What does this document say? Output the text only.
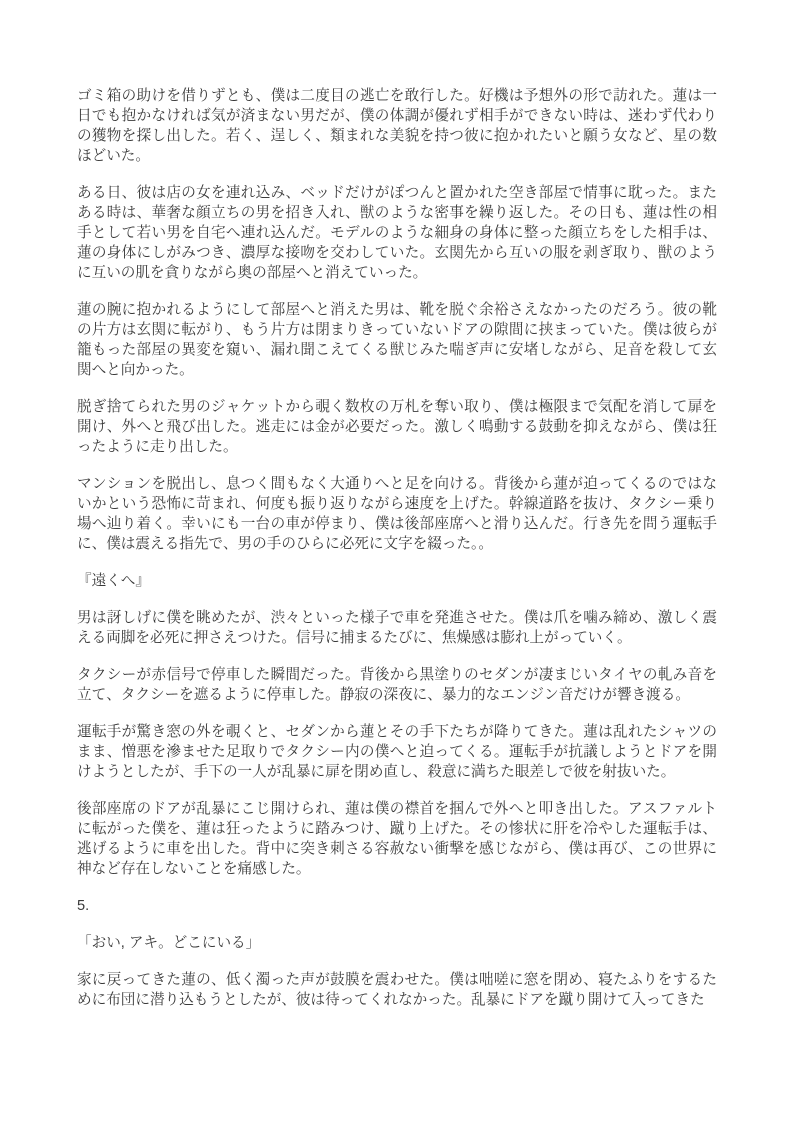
ゴミ箱の助けを借りずとも、僕は二度目の逃亡を敢行した。好機は予想外の形で訪れた。蓮は一日でも抱かなければ気が済まない男だが、僕の体調が優れず相手ができない時は、迷わず代わりの獲物を探し出した。若く、逞しく、類まれな美貌を持つ彼に抱かれたいと願う女など、星の数ほどいた。

ある日、彼は店の女を連れ込み、ベッドだけがぽつんと置かれた空き部屋で情事に耽った。またある時は、華奢な顔立ちの男を招き入れ、獣のような密事を繰り返した。その日も、蓮は性の相手として若い男を自宅へ連れ込んだ。モデルのような細身の身体に整った顔立ちをした相手は、蓮の身体にしがみつき、濃厚な接吻を交わしていた。玄関先から互いの服を剥ぎ取り、獣のように互いの肌を貪りながら奥の部屋へと消えていった。

蓮の腕に抱かれるようにして部屋へと消えた男は、靴を脱ぐ余裕さえなかったのだろう。彼の靴の片方は玄関に転がり、もう片方は閉まりきっていないドアの隙間に挟まっていた。僕は彼らが籠もった部屋の異変を窺い、漏れ聞こえてくる獣じみた喘ぎ声に安堵しながら、足音を殺して玄関へと向かった。

脱ぎ捨てられた男のジャケットから覗く数枚の万札を奪い取り、僕は極限まで気配を消して扉を開け、外へと飛び出した。逃走には金が必要だった。激しく鳴動する鼓動を抑えながら、僕は狂ったように走り出した。

マンションを脱出し、息つく間もなく大通りへと足を向ける。背後から蓮が迫ってくるのではないかという恐怖に苛まれ、何度も振り返りながら速度を上げた。幹線道路を抜け、タクシー乗り場へ辿り着く。幸いにも一台の車が停まり、僕は後部座席へと滑り込んだ。行き先を問う運転手に、僕は震える指先で、男の手のひらに必死に文字を綴った。。

『遠くへ』

男は訝しげに僕を眺めたが、渋々といった様子で車を発進させた。僕は爪を噛み締め、激しく震える両脚を必死に押さえつけた。信号に捕まるたびに、焦燥感は膨れ上がっていく。

タクシーが赤信号で停車した瞬間だった。背後から黒塗りのセダンが凄まじいタイヤの軋み音を立て、タクシーを遮るように停車した。静寂の深夜に、暴力的なエンジン音だけが響き渡る。

運転手が驚き窓の外を覗くと、セダンから蓮とその手下たちが降りてきた。蓮は乱れたシャツのまま、憎悪を滲ませた足取りでタクシー内の僕へと迫ってくる。運転手が抗議しようとドアを開けようとしたが、手下の一人が乱暴に扉を閉め直し、殺意に満ちた眼差しで彼を射抜いた。

後部座席のドアが乱暴にこじ開けられ、蓮は僕の襟首を掴んで外へと叩き出した。アスファルトに転がった僕を、蓮は狂ったように踏みつけ、蹴り上げた。その惨状に肝を冷やした運転手は、逃げるように車を出した。背中に突き刺さる容赦ない衝撃を感じながら、僕は再び、この世界に神など存在しないことを痛感した。

5.

「おい, アキ。どこにいる」

家に戻ってきた蓮の、低く濁った声が鼓膜を震わせた。僕は咄嗟に窓を閉め、寝たふりをするために布団に潜り込もうとしたが、彼は待ってくれなかった。乱暴にドアを蹴り開けて入ってきた
